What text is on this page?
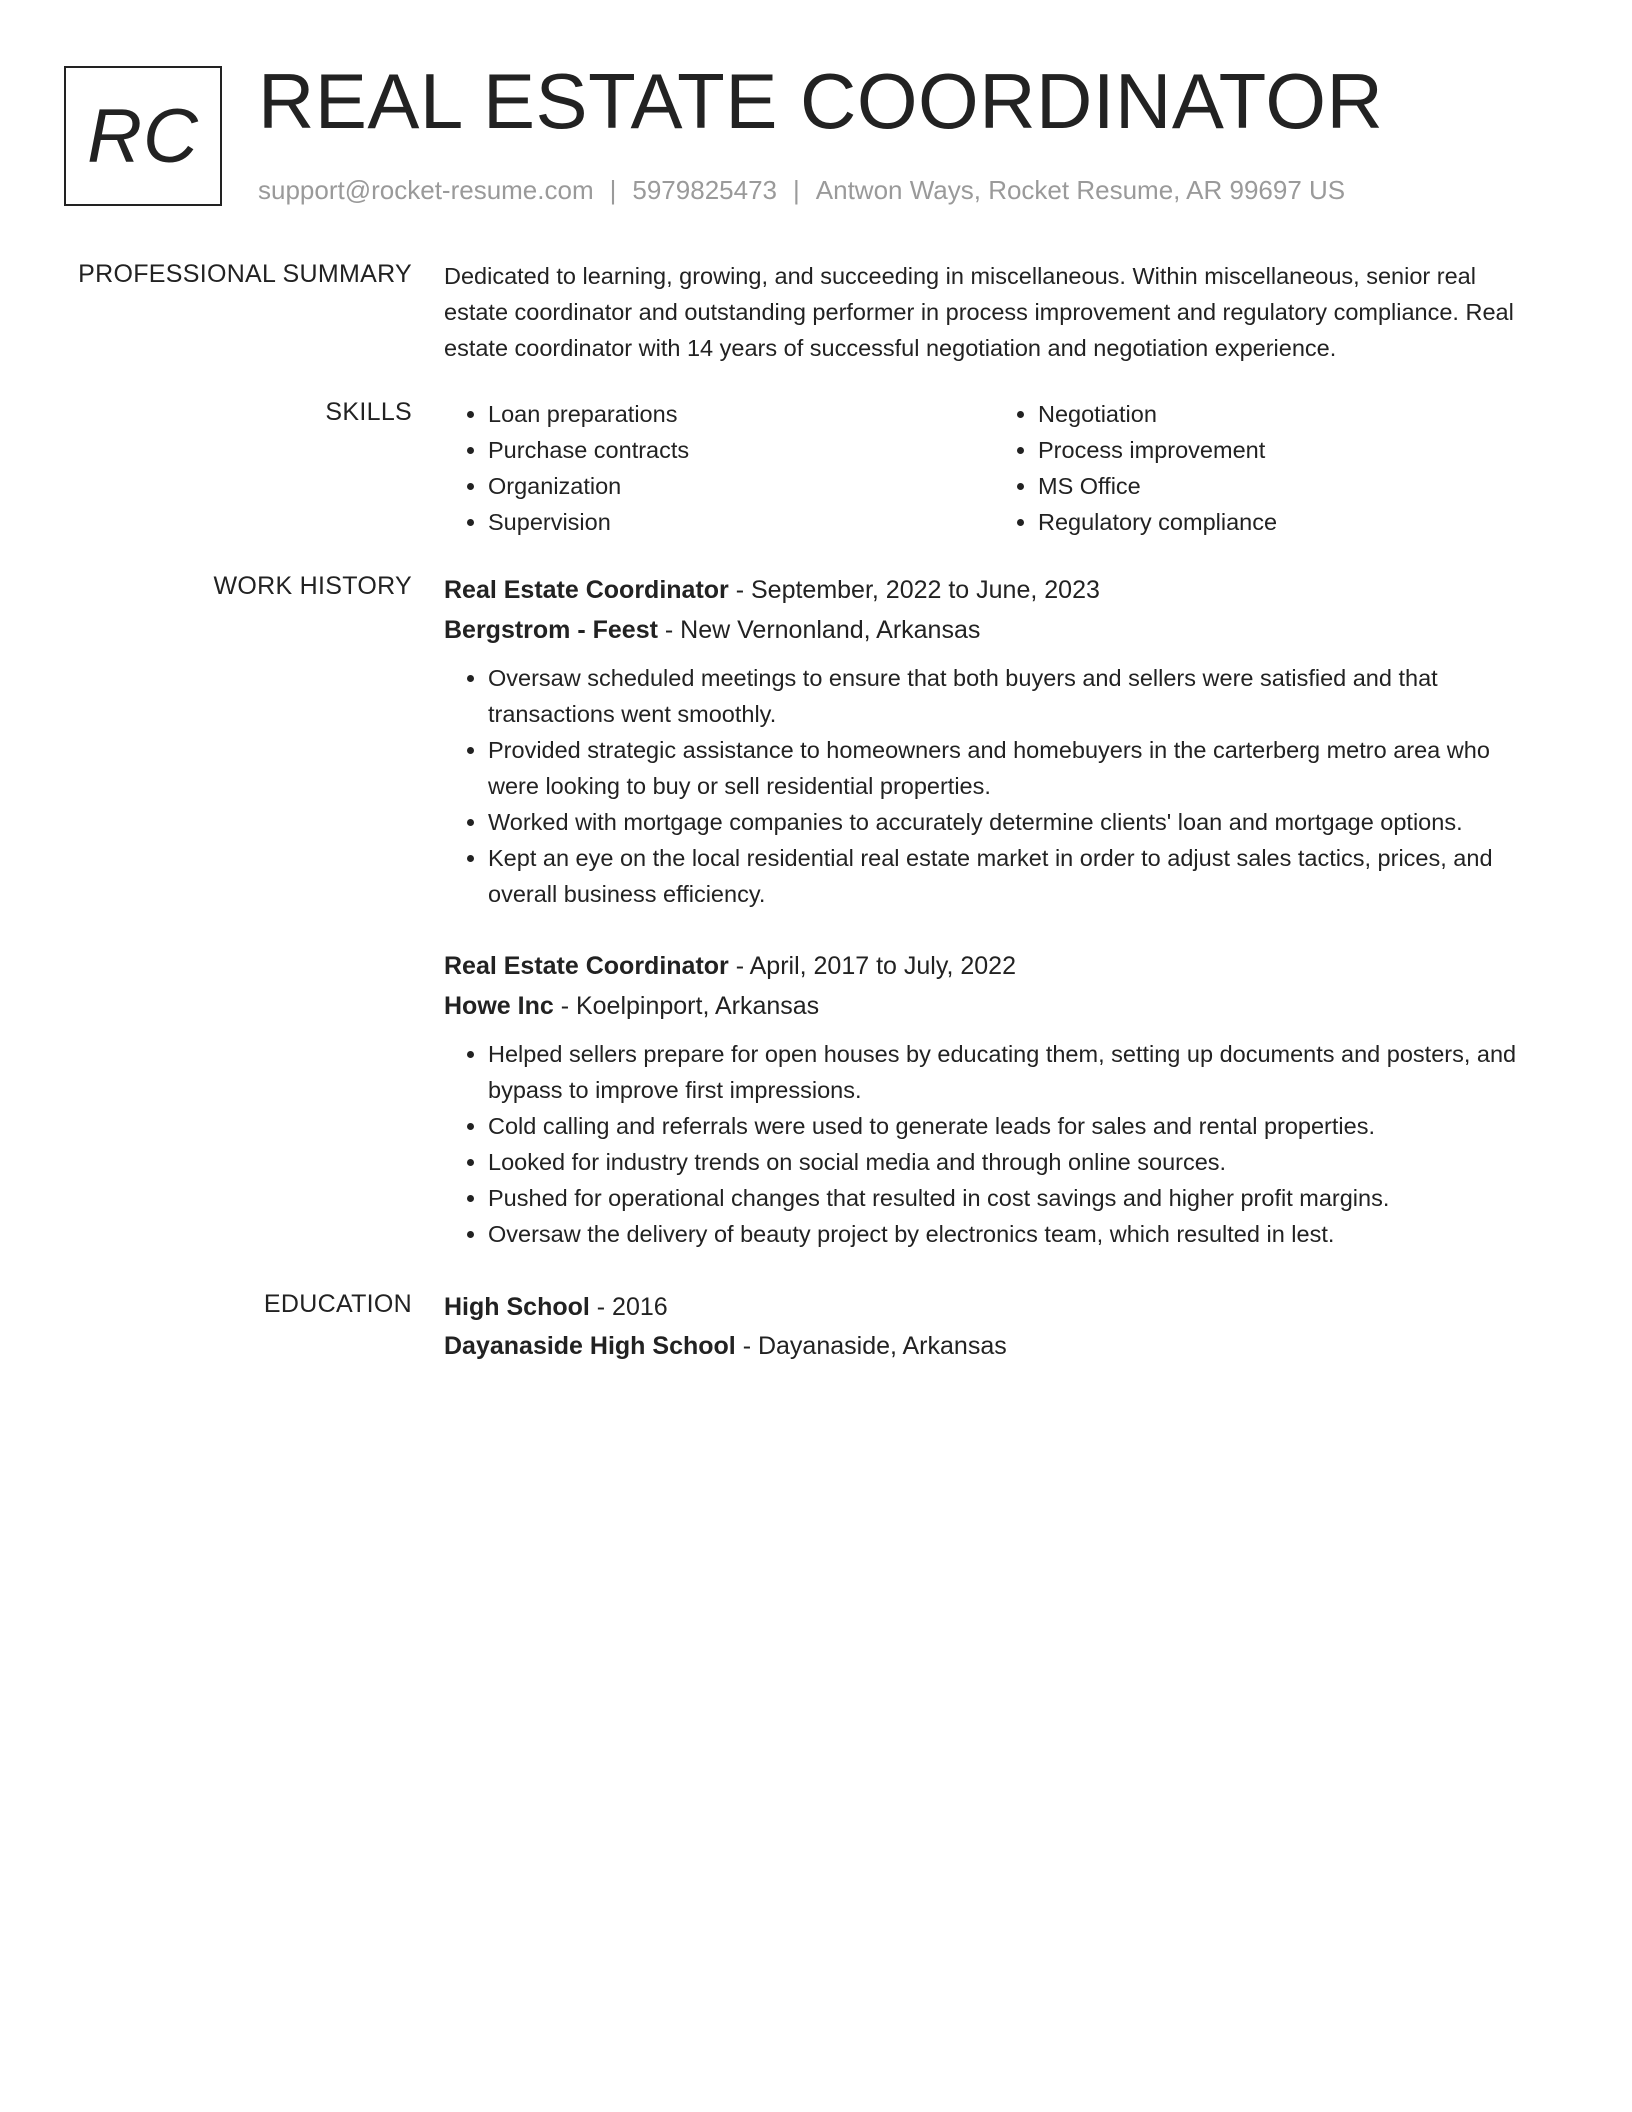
RC REAL ESTATE COORDINATOR
support@rocket-resume.com | 5979825473 | Antwon Ways, Rocket Resume, AR 99697 US
PROFESSIONAL SUMMARY Dedicated to learning, growing, and succeeding in miscellaneous. Within miscellaneous, senior real estate coordinator and outstanding performer in process improvement and regulatory compliance. Real estate coordinator with 14 years of successful negotiation and negotiation experience.

SKILLS
•	Loan preparations
• Purchase contracts
• Organization
• Supervision
• Negotiation
• Process improvement
• MS Office
• Regulatory compliance
WORK HISTORY Real Estate Coordinator - September, 2022 to June, 2023
Bergstrom - Feest - New Vernonland, Arkansas
• Oversaw scheduled meetings to ensure that both buyers and sellers were satisfied and that transactions went smoothly.
• Provided strategic assistance to homeowners and homebuyers in the carterberg metro area who were looking to buy or sell residential properties.
• Worked with mortgage companies to accurately determine clients' loan and mortgage options.
• Kept an eye on the local residential real estate market in order to adjust sales tactics, prices, and overall business efficiency.
Real Estate Coordinator - April, 2017 to July, 2022
Howe Inc - Koelpinport, Arkansas
• Helped sellers prepare for open houses by educating them, setting up documents and posters, and bypass to improve first impressions.
• Cold calling and referrals were used to generate leads for sales and rental properties.
• Looked for industry trends on social media and through online sources.
• Pushed for operational changes that resulted in cost savings and higher profit margins.
• Oversaw the delivery of beauty project by electronics team, which resulted in lest.
EDUCATION High School - 2016
Dayanaside High School - Dayanaside, Arkansas
